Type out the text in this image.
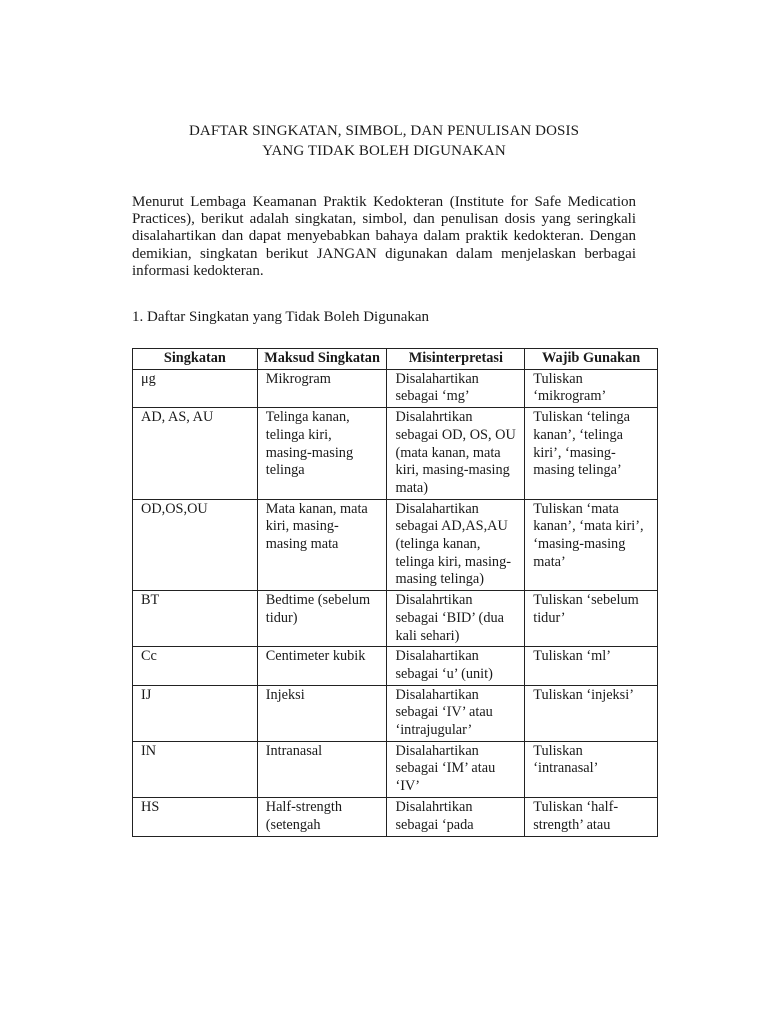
DAFTAR SINGKATAN, SIMBOL, DAN PENULISAN DOSIS
YANG TIDAK BOLEH DIGUNAKAN
Menurut Lembaga Keamanan Praktik Kedokteran (Institute for Safe Medication Practices), berikut adalah singkatan, simbol, dan penulisan dosis yang seringkali disalahartikan dan dapat menyebabkan bahaya dalam praktik kedokteran. Dengan demikian, singkatan berikut JANGAN digunakan dalam menjelaskan berbagai informasi kedokteran.
1. Daftar Singkatan yang Tidak Boleh Digunakan
Singkatan	Maksud Singkatan	Misinterpretasi	Wajib Gunakan
μg	Mikrogram	Disalahartikan sebagai ‘mg’	Tuliskan ‘mikrogram’
AD, AS, AU	Telinga kanan, telinga kiri, masing-masing telinga	Disalahrtikan sebagai OD, OS, OU (mata kanan, mata kiri, masing-masing mata)	Tuliskan ‘telinga kanan’, ‘telinga kiri’, ‘masing-masing telinga’
OD,OS,OU	Mata kanan, mata kiri, masing-masing mata	Disalahartikan sebagai AD,AS,AU (telinga kanan, telinga kiri, masing-masing telinga)	Tuliskan ‘mata kanan’, ‘mata kiri’, ‘masing-masing mata’
BT	Bedtime (sebelum tidur)	Disalahrtikan sebagai ‘BID’ (dua kali sehari)	Tuliskan ‘sebelum tidur’
Cc	Centimeter kubik	Disalahartikan sebagai ‘u’ (unit)	Tuliskan ‘ml’
IJ	Injeksi	Disalahartikan sebagai ‘IV’ atau ‘intrajugular’	Tuliskan ‘injeksi’
IN	Intranasal	Disalahartikan sebagai ‘IM’ atau ‘IV’	Tuliskan ‘intranasal’
HS	Half-strength (setengah	Disalahrtikan sebagai ‘pada	Tuliskan ‘half-strength’ atau
